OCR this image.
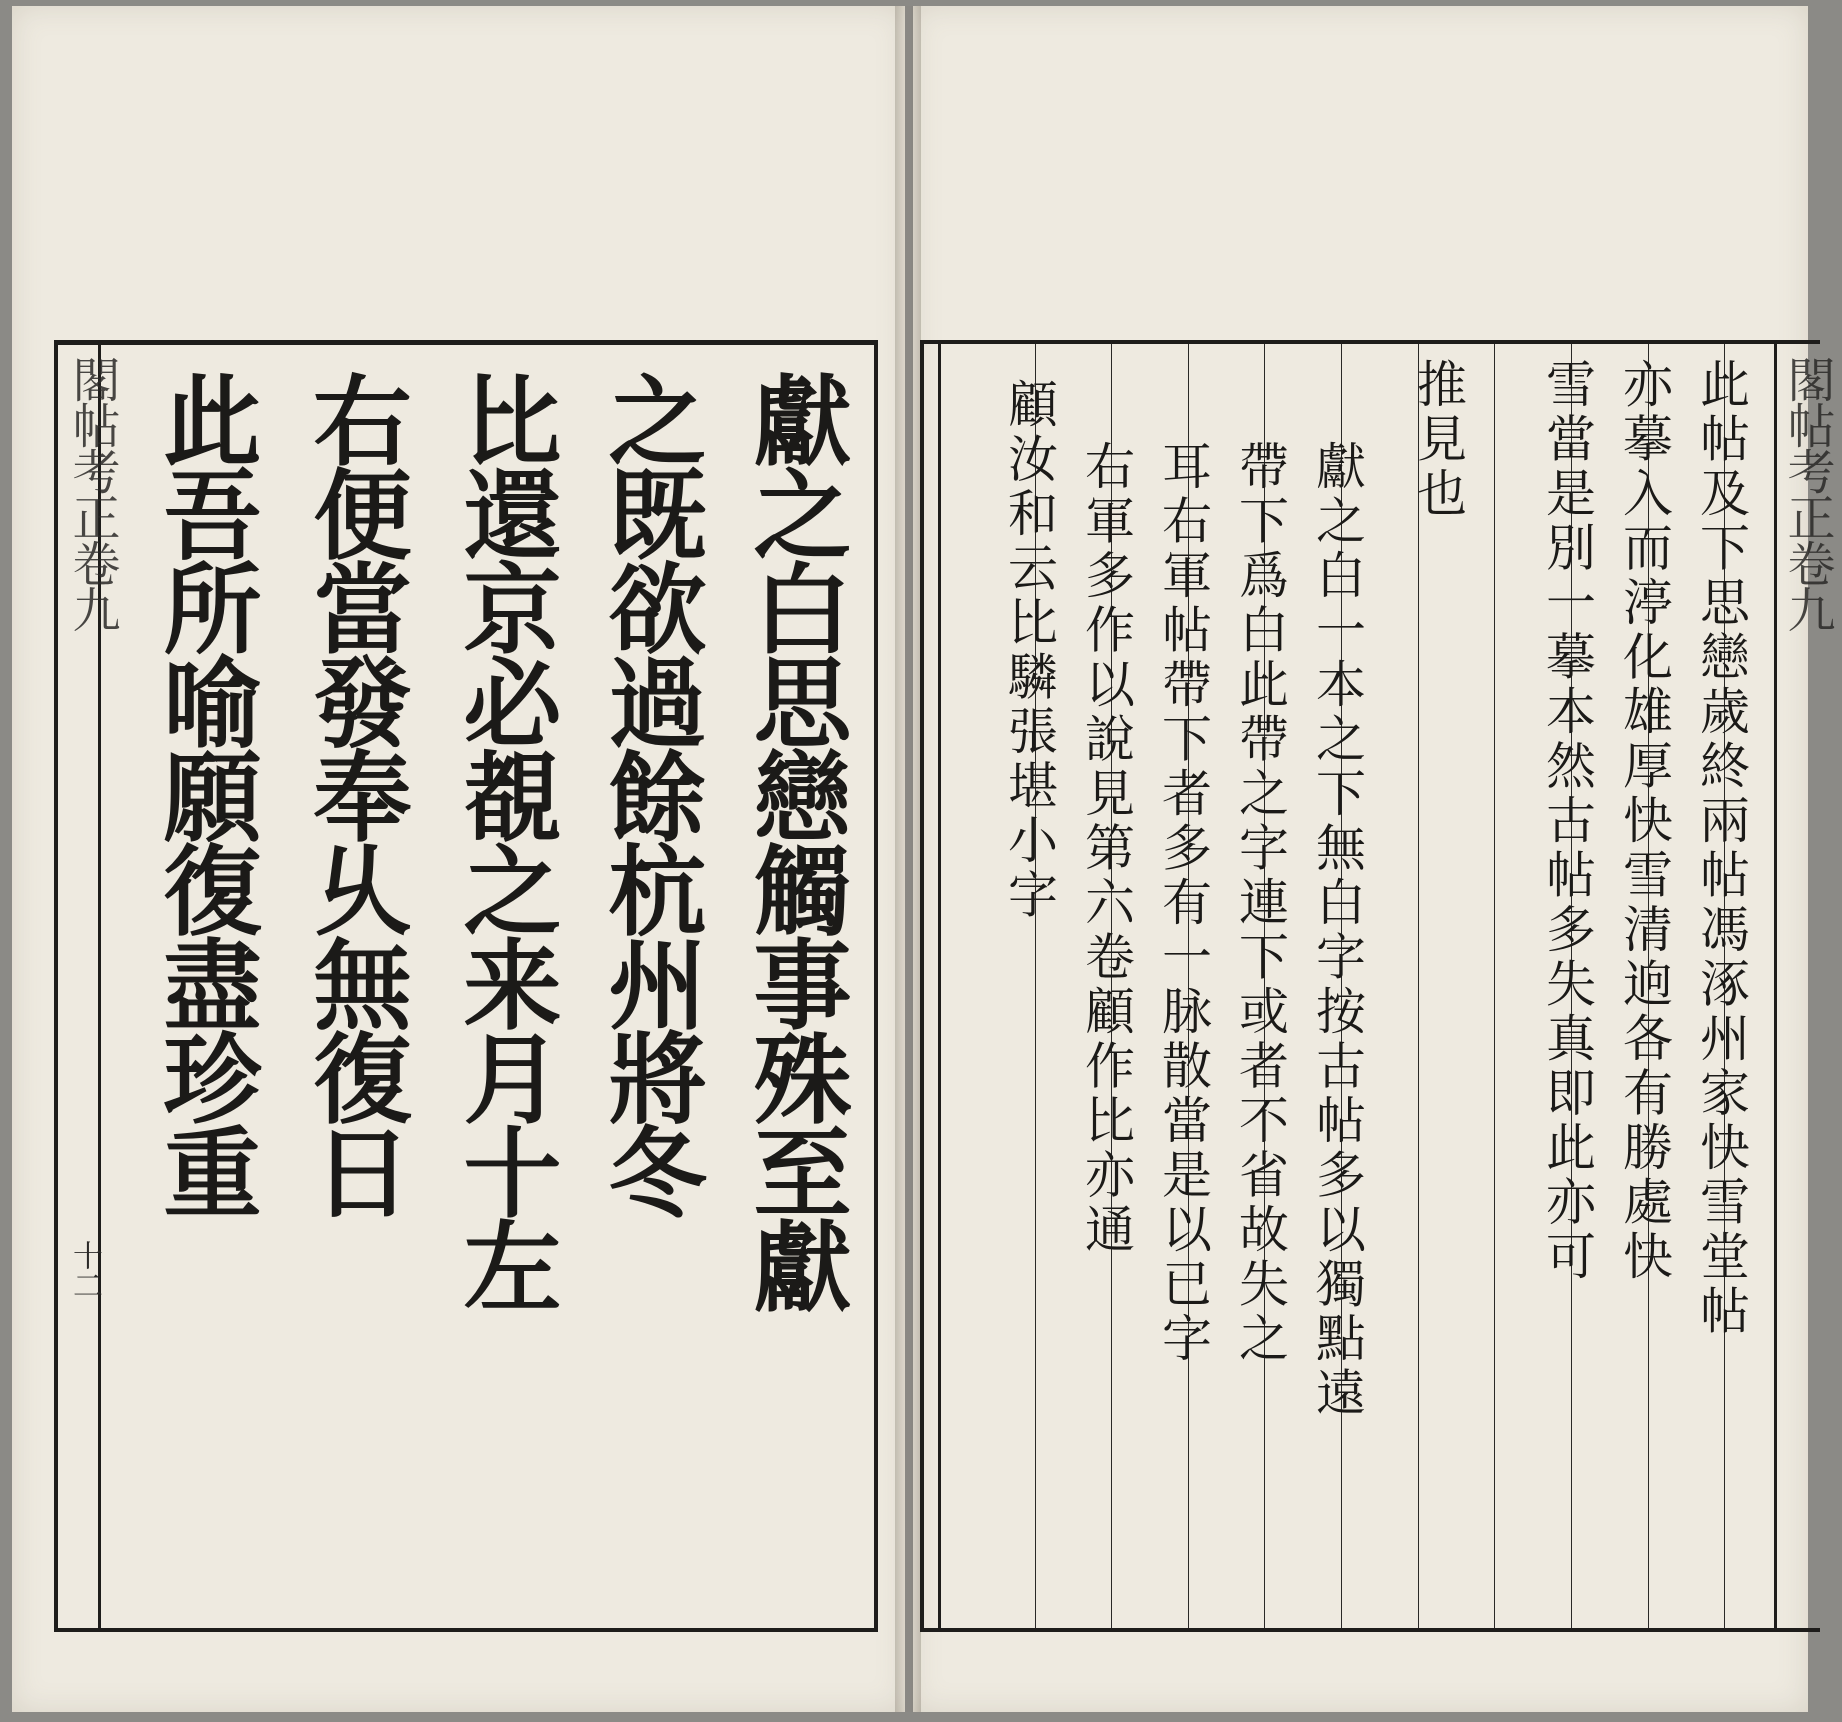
閣帖考正卷九
十二	獻之白思戀觸事殊至獻
之既欲過餘杭州將冬
比還京必覩之来月十左
右便當發奉乆無復日
此吾所喻願復盡珍重	閣帖考正卷九
此帖及下思戀歲終兩帖馮涿州家快雪堂帖
亦摹入而渟化雄厚快雪清逈各有勝處快
雪當是別一摹本然古帖多失真即此亦可
推見也
獻之白一本之下無白字按古帖多以獨點遠
帶下爲白此帶之字連下或者不省故失之
耳右軍帖帶下者多有一脉散當是以已字
右軍多作以說見第六卷顧作比亦通
顧汝和云比驎張堪小字
